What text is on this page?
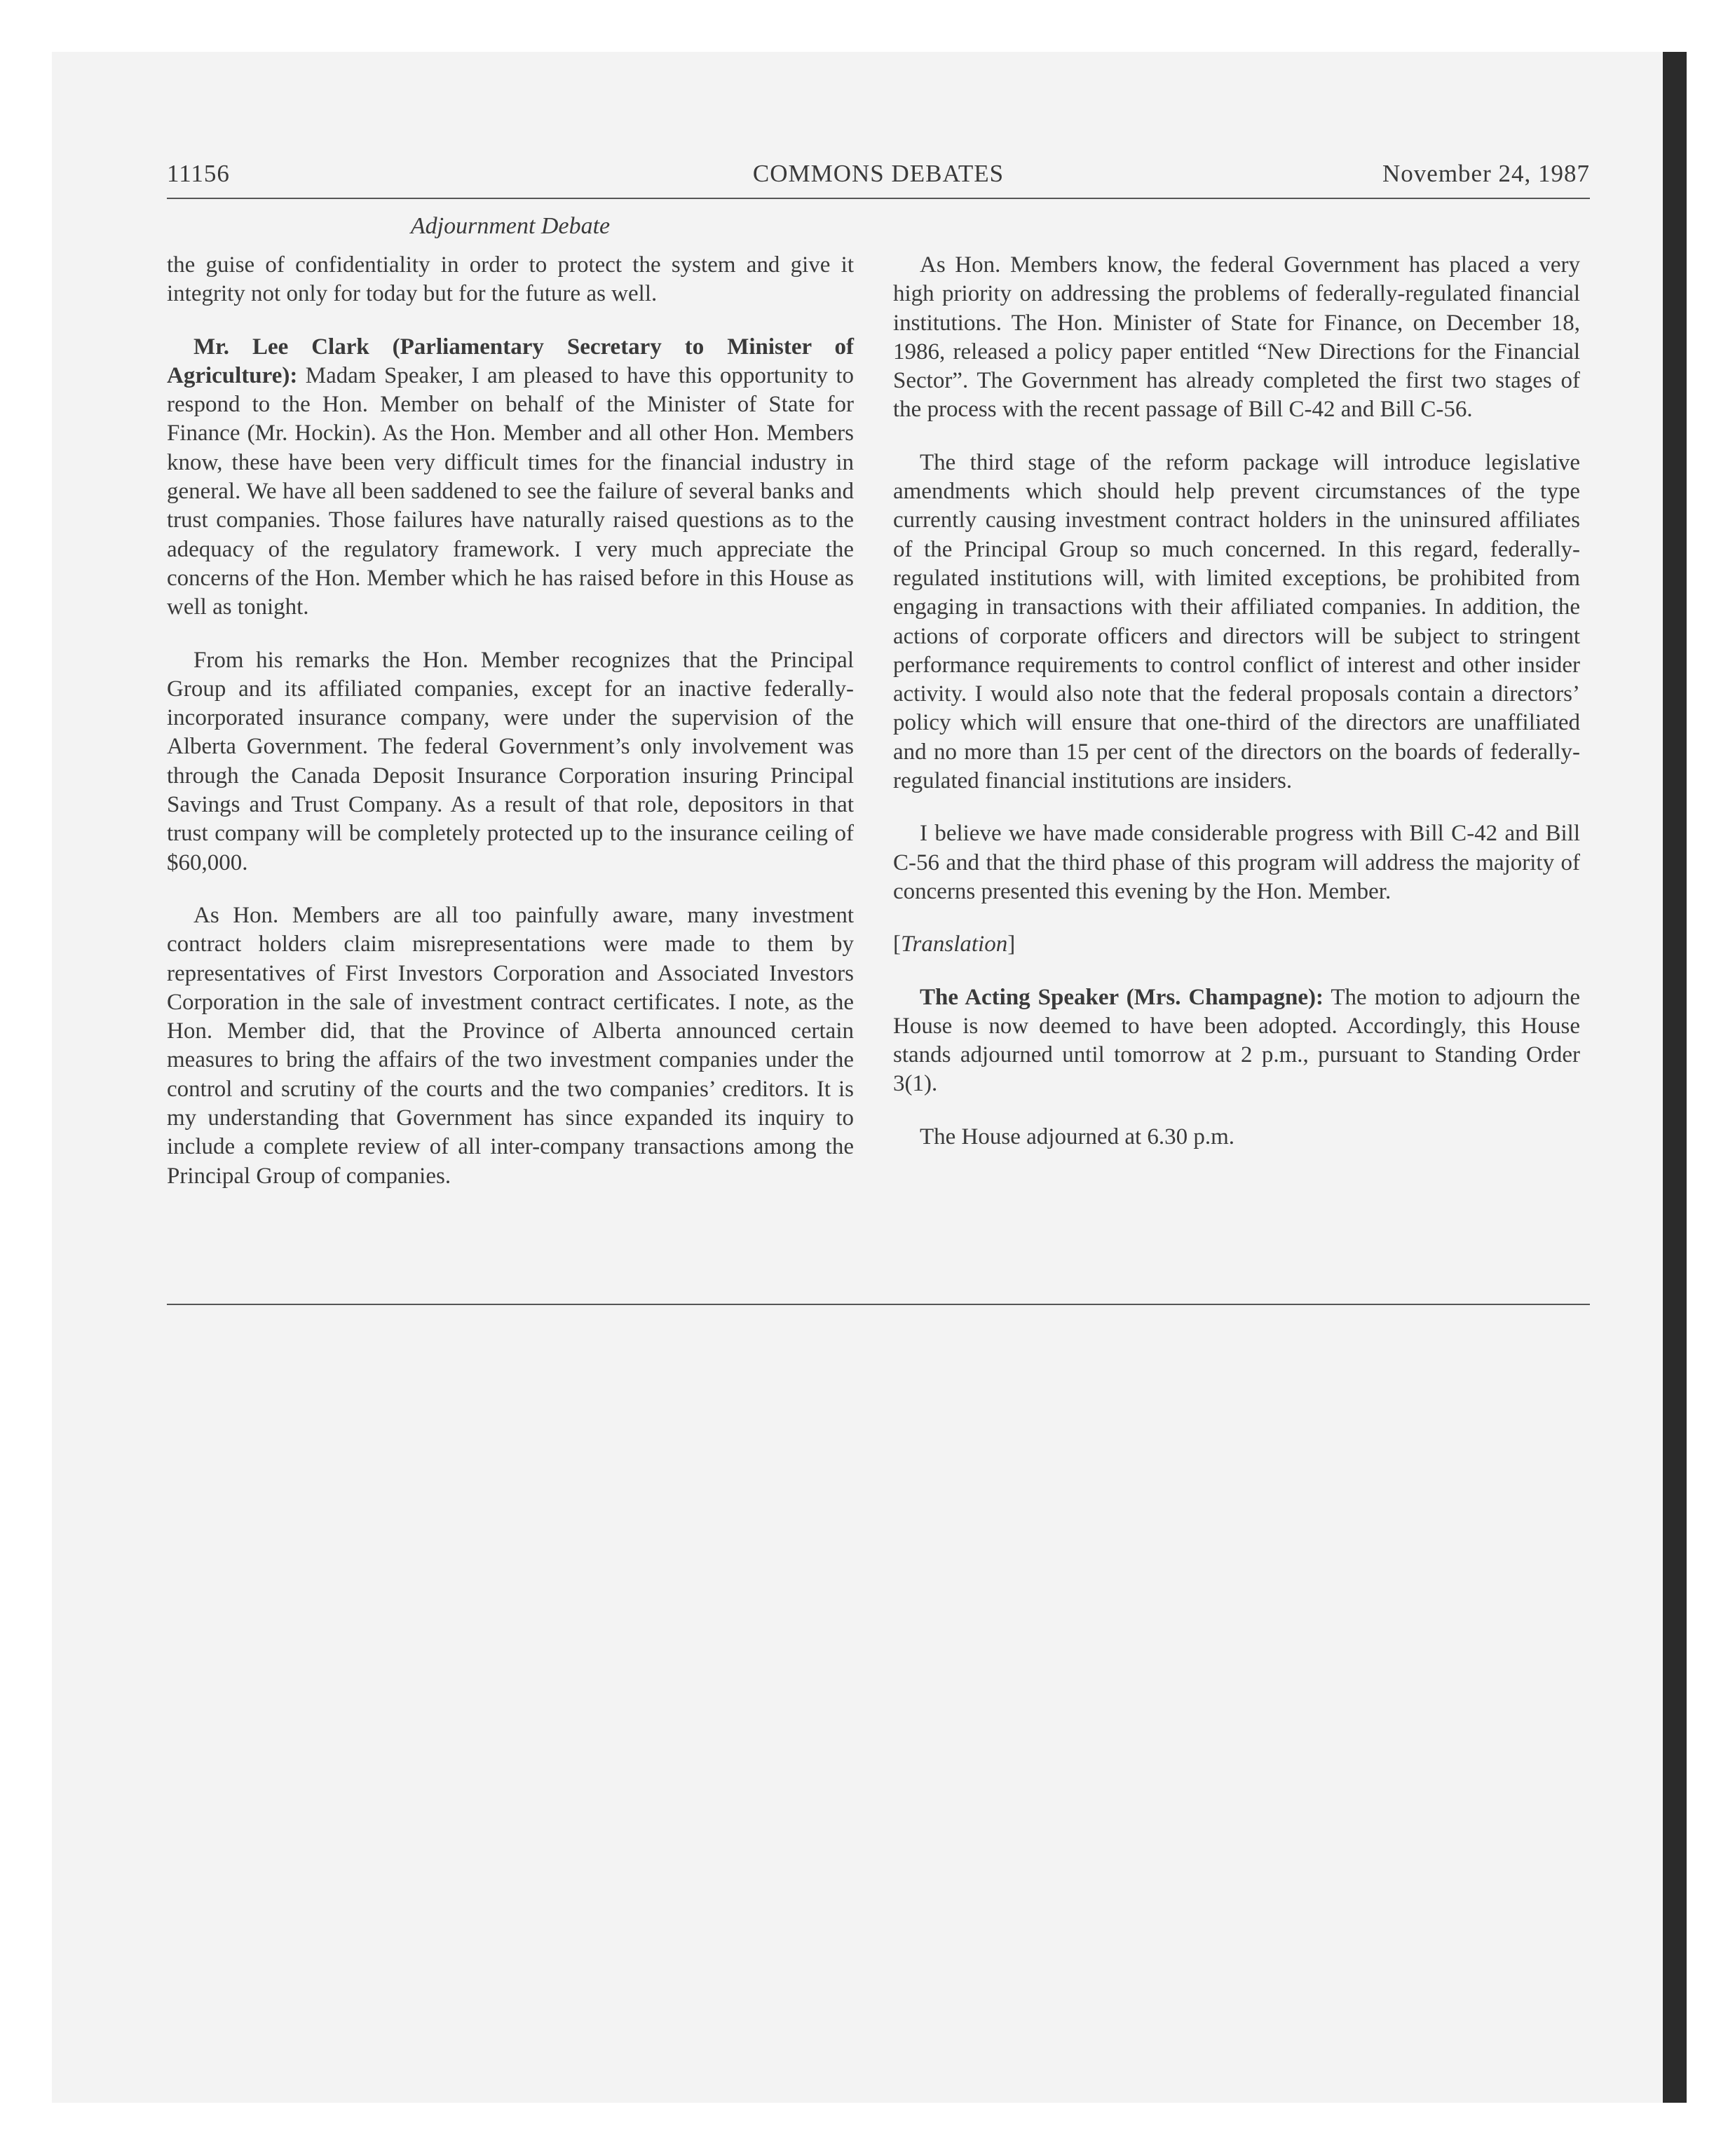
11156	COMMONS DEBATES	November 24, 1987
Adjournment Debate

the guise of confidentiality in order to protect the system and give it integrity not only for today but for the future as well.

Mr. Lee Clark (Parliamentary Secretary to Minister of Agriculture): Madam Speaker, I am pleased to have this opportunity to respond to the Hon. Member on behalf of the Minister of State for Finance (Mr. Hockin). As the Hon. Member and all other Hon. Members know, these have been very difficult times for the financial industry in general. We have all been saddened to see the failure of several banks and trust companies. Those failures have naturally raised questions as to the adequacy of the regulatory framework. I very much appreciate the concerns of the Hon. Member which he has raised before in this House as well as tonight.

From his remarks the Hon. Member recognizes that the Principal Group and its affiliated companies, except for an inactive federally-incorporated insurance company, were under the supervision of the Alberta Government. The federal Government’s only involvement was through the Canada Deposit Insurance Corporation insuring Principal Savings and Trust Company. As a result of that role, depositors in that trust company will be completely protected up to the insurance ceiling of $60,000.

As Hon. Members are all too painfully aware, many investment contract holders claim misrepresentations were made to them by representatives of First Investors Corporation and Associated Investors Corporation in the sale of investment contract certificates. I note, as the Hon. Member did, that the Province of Alberta announced certain measures to bring the affairs of the two investment companies under the control and scrutiny of the courts and the two companies’ creditors. It is my understanding that Government has since expanded its inquiry to include a complete review of all inter-company transactions among the Principal Group of companies.

As Hon. Members know, the federal Government has placed a very high priority on addressing the problems of federally-regulated financial institutions. The Hon. Minister of State for Finance, on December 18, 1986, released a policy paper entitled “New Directions for the Financial Sector”. The Government has already completed the first two stages of the process with the recent passage of Bill C-42 and Bill C-56.

The third stage of the reform package will introduce legislative amendments which should help prevent circumstances of the type currently causing investment contract holders in the uninsured affiliates of the Principal Group so much concerned. In this regard, federally-regulated institutions will, with limited exceptions, be prohibited from engaging in transactions with their affiliated companies. In addition, the actions of corporate officers and directors will be subject to stringent performance requirements to control conflict of interest and other insider activity. I would also note that the federal proposals contain a directors’ policy which will ensure that one-third of the directors are unaffiliated and no more than 15 per cent of the directors on the boards of federally-regulated financial institutions are insiders.

I believe we have made considerable progress with Bill C-42 and Bill C-56 and that the third phase of this program will address the majority of concerns presented this evening by the Hon. Member.

[Translation]

The Acting Speaker (Mrs. Champagne): The motion to adjourn the House is now deemed to have been adopted. Accordingly, this House stands adjourned until tomorrow at 2 p.m., pursuant to Standing Order 3(1).

The House adjourned at 6.30 p.m.
